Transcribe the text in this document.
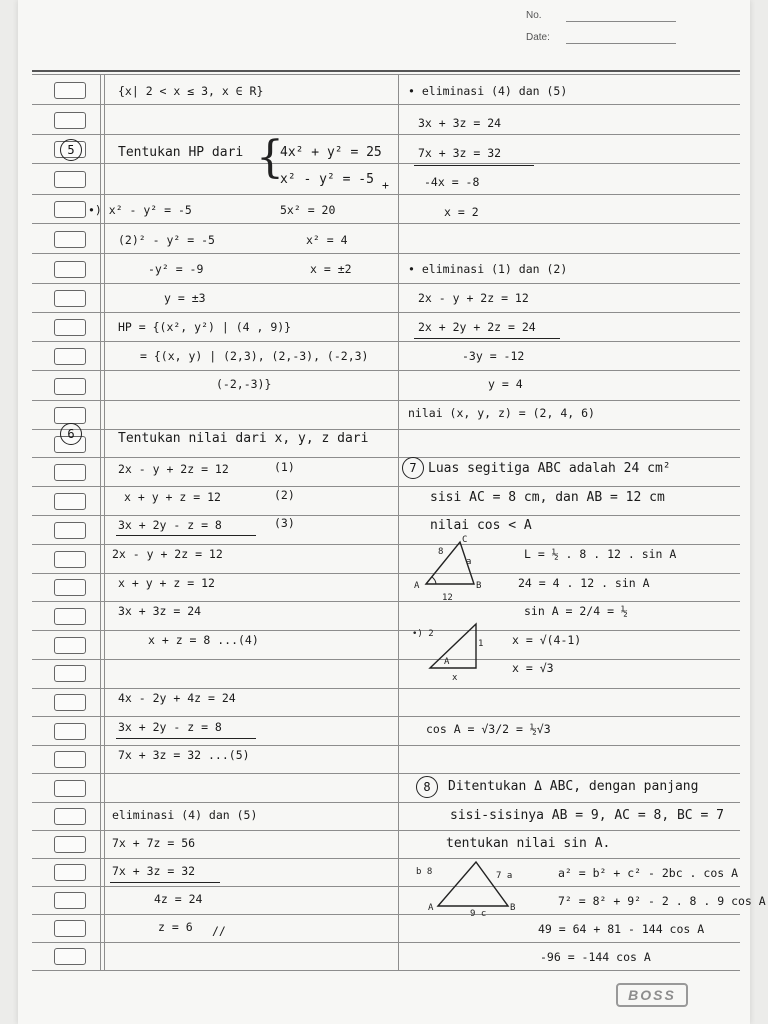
No.
Date:
{x| 2 < x ≤ 3, x ∈ R}
5	Tentukan HP dari {
4x² + y² = 25
x² - y² = -5 +
•) x² - y² = -5	5x² = 20
(2)² - y² = -5	x² = 4
-y² = -9	x = ±2
y = ±3
HP = {(x², y²) | (4 , 9)}
= {(x, y) | (2,3), (2,-3), (-2,3)
(-2,-3)}
6	Tentukan nilai dari x, y, z dari
2x - y + 2z = 12	(1)
x + y + z = 12	(2)
3x + 2y - z = 8	(3)
2x - y + 2z = 12
x + y + z = 12
3x + 3z = 24
x + z = 8 ...(4)
4x - 2y + 4z = 24
3x + 2y - z = 8
7x + 3z = 32 ...(5)
eliminasi (4) dan (5)
7x + 7z = 56
7x + 3z = 32
4z = 24
z = 6 //
• eliminasi (4) dan (5)
3x + 3z = 24
7x + 3z = 32
-4x = -8
x = 2
• eliminasi (1) dan (2)
2x - y + 2z = 12
2x + 2y + 2z = 24
-3y = -12
y = 4
nilai (x, y, z) = (2, 4, 6)
7 Luas segitiga ABC adalah 24 cm²
sisi AC = 8 cm, dan AB = 12 cm
nilai cos < A
A	B
C
8
a
12
L = ½ . 8 . 12 . sin A
24 = 4 . 12 . sin A
sin A = 2/4 = ½
•) 2
1
A
x
x = √(4-1)
x = √3
cos A = √3/2 = ½√3
8	Ditentukan Δ ABC, dengan panjang
sisi-sisinya AB = 9, AC = 8, BC = 7
tentukan nilai sin A.
b 8
A	B
7 a
9 c
a² = b² + c² - 2bc . cos A
7² = 8² + 9² - 2 . 8 . 9 cos A
49 = 64 + 81 - 144 cos A
-96 = -144 cos A
BOSS
